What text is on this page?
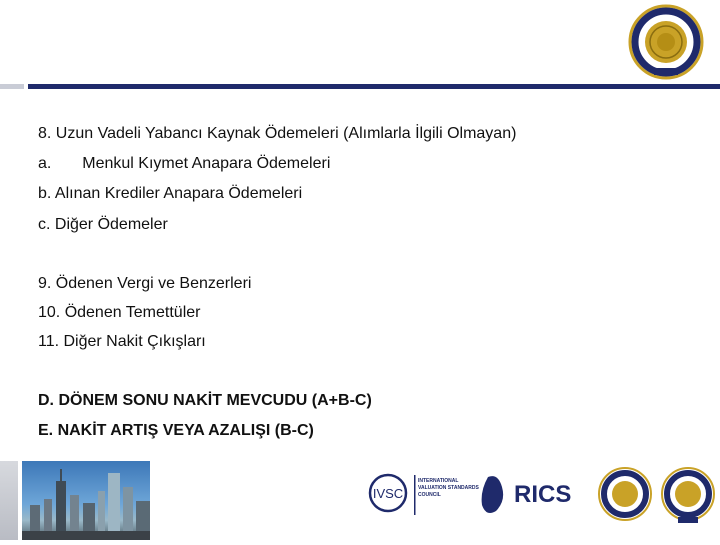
8. Uzun Vadeli Yabancı Kaynak Ödemeleri (Alımlarla İlgili Olmayan)
a. Menkul Kıymet Anapara Ödemeleri
b. Alınan Krediler Anapara Ödemeleri
c. Diğer Ödemeler
9. Ödenen Vergi ve Benzerleri
10. Ödenen Temettüler
11. Diğer Nakit Çıkışları
D. DÖNEM SONU NAKİT MEVCUDU (A+B-C)
E. NAKİT ARTIŞ VEYA AZALIŞI (B-C)
IVSC
INTERNATIONAL VALUATION STANDARDS COUNCIL	RICS
